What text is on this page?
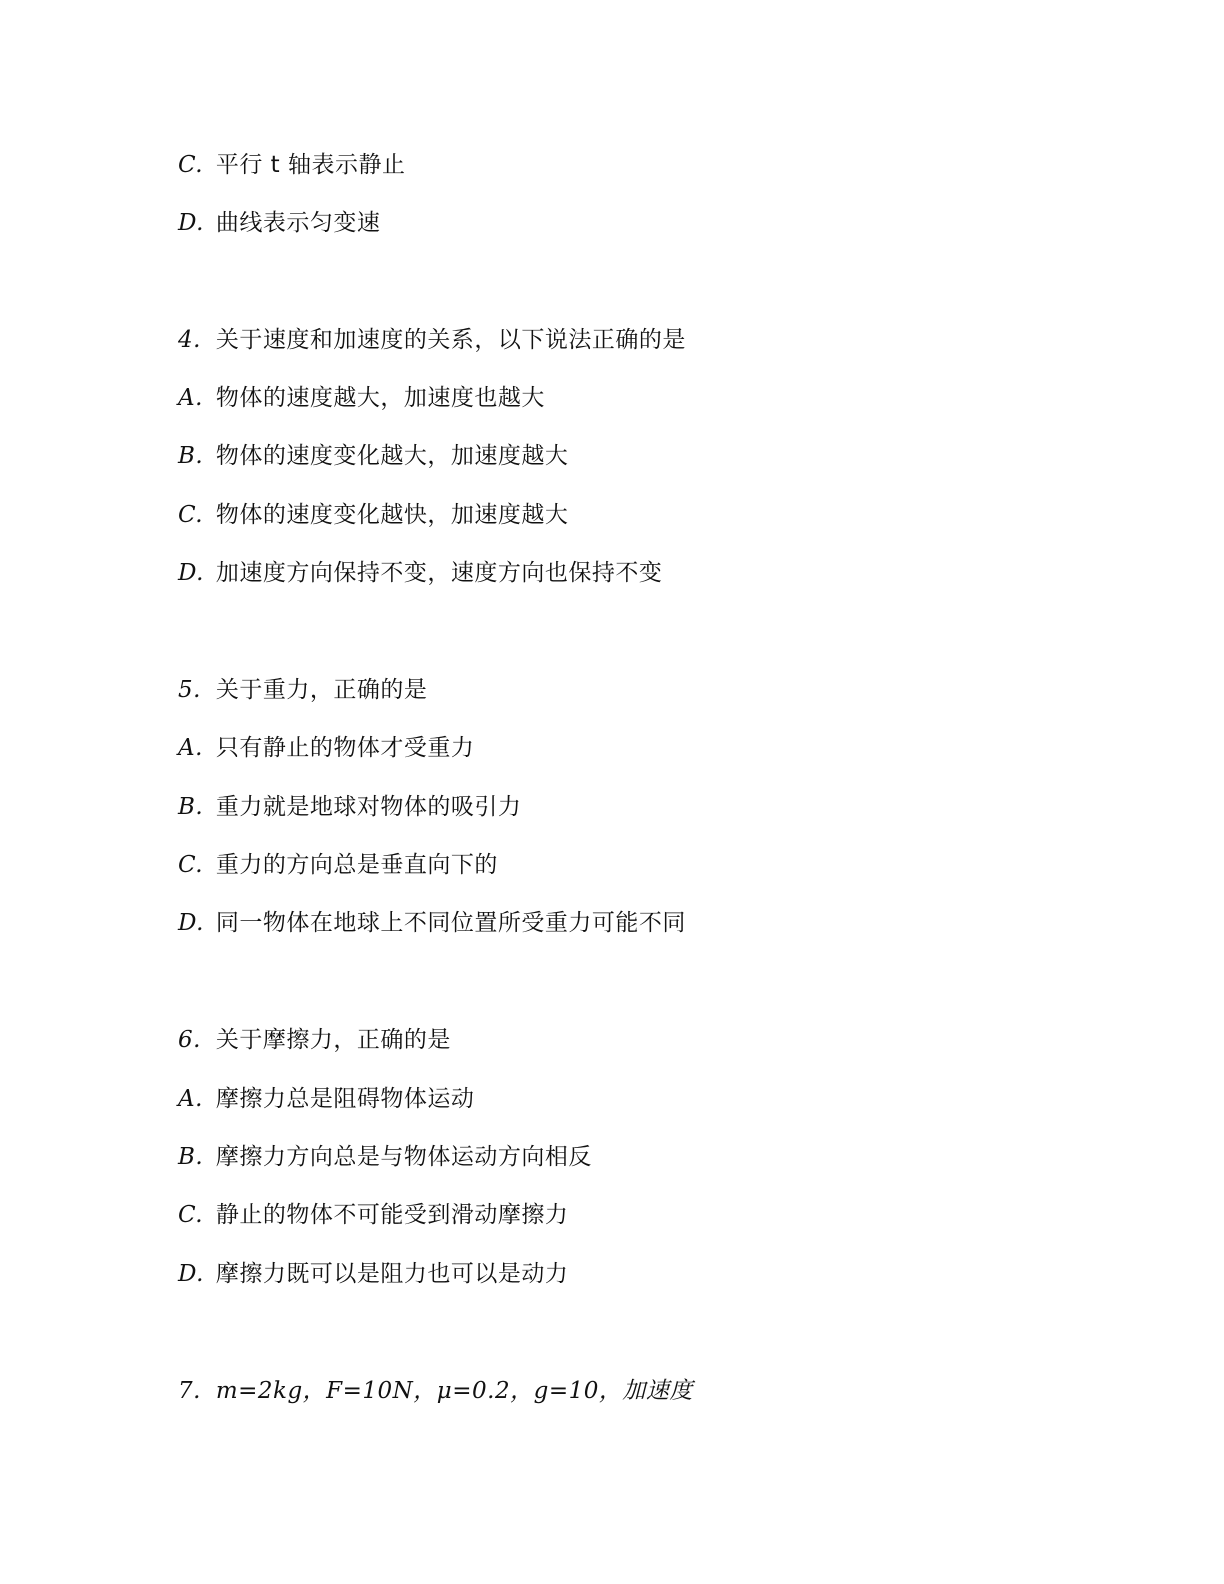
C. 平行 t 轴表示静止
D. 曲线表示匀变速
4. 关于速度和加速度的关系，以下说法正确的是
A. 物体的速度越大，加速度也越大
B. 物体的速度变化越大，加速度越大
C. 物体的速度变化越快，加速度越大
D. 加速度方向保持不变，速度方向也保持不变
5. 关于重力，正确的是
A. 只有静止的物体才受重力
B. 重力就是地球对物体的吸引力
C. 重力的方向总是垂直向下的
D. 同一物体在地球上不同位置所受重力可能不同
6. 关于摩擦力，正确的是
A. 摩擦力总是阻碍物体运动
B. 摩擦力方向总是与物体运动方向相反
C. 静止的物体不可能受到滑动摩擦力
D. 摩擦力既可以是阻力也可以是动力
7. m=2kg，F=10N，μ=0.2，g=10，加速度
